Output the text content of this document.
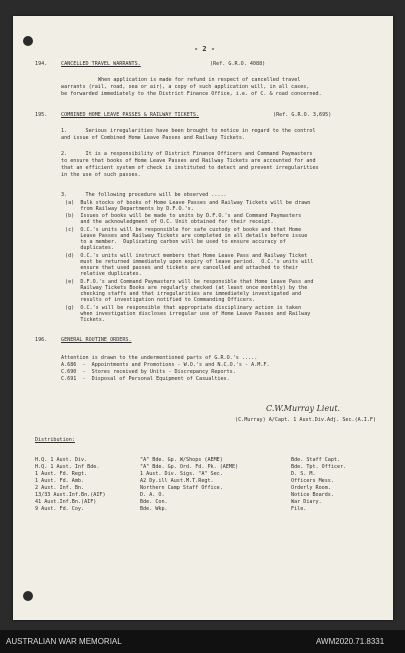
- 2 -
194.	CANCELLED TRAVEL WARRANTS.	(Ref. G.R.O. 4088)
When application is made for refund in respect of cancelled travel
warrants (rail, road, sea or air), a copy of such application will, in all cases,
be forwarded immediately to the District Finance Office, i.e. of C. & road concerned.
195.	COMBINED HOME LEAVE PASSES & RAILWAY TICKETS.	(Ref. G.R.O. 3,695)
1.      Serious irregularities have been brought to notice in regard to the control
and issue of Combined Home Leave Passes and Railway Tickets.
2.      It is a responsibility of District Finance Officers and Command Paymasters
to ensure that books of Home Leave Passes and Railway Tickets are accounted for and
that an efficient system of check is instituted to detect and prevent irregularities
in the use of such passes.
3.      The following procedure will be observed .....
(a)  Bulk stocks of books of Home Leave Passes and Railway Tickets will be drawn
from Railway Departments by D.F.O.'s.
(b)  Issues of books will be made to units by D.F.O.'s and Command Paymasters
and the acknowledgment of O.C. Unit obtained for their receipt.
(c)  O.C.'s units will be responsible for safe custody of books and that Home
Leave Passes and Railway Tickets are completed in all details before issue
to a member.  Duplicating carbon will be used to ensure accuracy of
duplicates.
(d)  O.C.'s units will instruct members that Home Leave Pass and Railway Ticket
must be returned immediately upon expiry of leave period.  O.C.'s units will
ensure that used passes and tickets are cancelled and attached to their
relative duplicates.
(e)  D.F.O.'s and Command Paymasters will be responsible that Home Leave Pass and
Railway Tickets Books are regularly checked (at least once monthly) by the
checking staffs and that irregularities are immediately investigated and
results of investigation notified to Commanding Officers.
(g)  O.C.'s will be responsible that appropriate disciplinary action is taken
when investigation discloses irregular use of Home Leave Passes and Railway
Tickets.
196.	GENERAL ROUTINE ORDERS.
Attention is drawn to the undermentioned parts of G.R.O.'s .....
A.686  -  Appointments and Promotions - W.O.'s and N.C.O.'s - A.M.F.
C.690  -  Stores received by Units - Discrepancy Reports.
C.691  -  Disposal of Personal Equipment of Casualties.
C.W.Murray Lieut.
(C.Murray) A/Capt. 1 Aust.Div.Adj. Sec.(A.I.F)
Distribution:
H.Q. 1 Aust. Div.
H.Q. 1 Aust. Inf Bde.
1 Aust. Fd. Regt.
1 Aust. Fd. Amb.
2 Aust. Inf. Bn.
13/33 Aust.Inf.Bn.(AIF)
41 Aust.Inf.Bn.(AIF)
9 Aust. Fd. Coy.
"A" Bde. Gp. W/Shops (AEME)
"A" Bde. Gp. Ord. Fd. Pk. (AEME)
1 Aust. Div. Sigs. "A" Sec.
A2 Dy.ill Aust.M.T.Regt.
Northern Camp Staff Office.
D. A. O.
Bde. Con.
Bde. Wkp.
Bde. Staff Capt.
Bde. Tpt. Officer.
D. S. M.
Officers Mess.
Orderly Room.
Notice Boards.
War Diary.
File.
AUSTRALIAN WAR MEMORIAL	AWM2020.71.8331
